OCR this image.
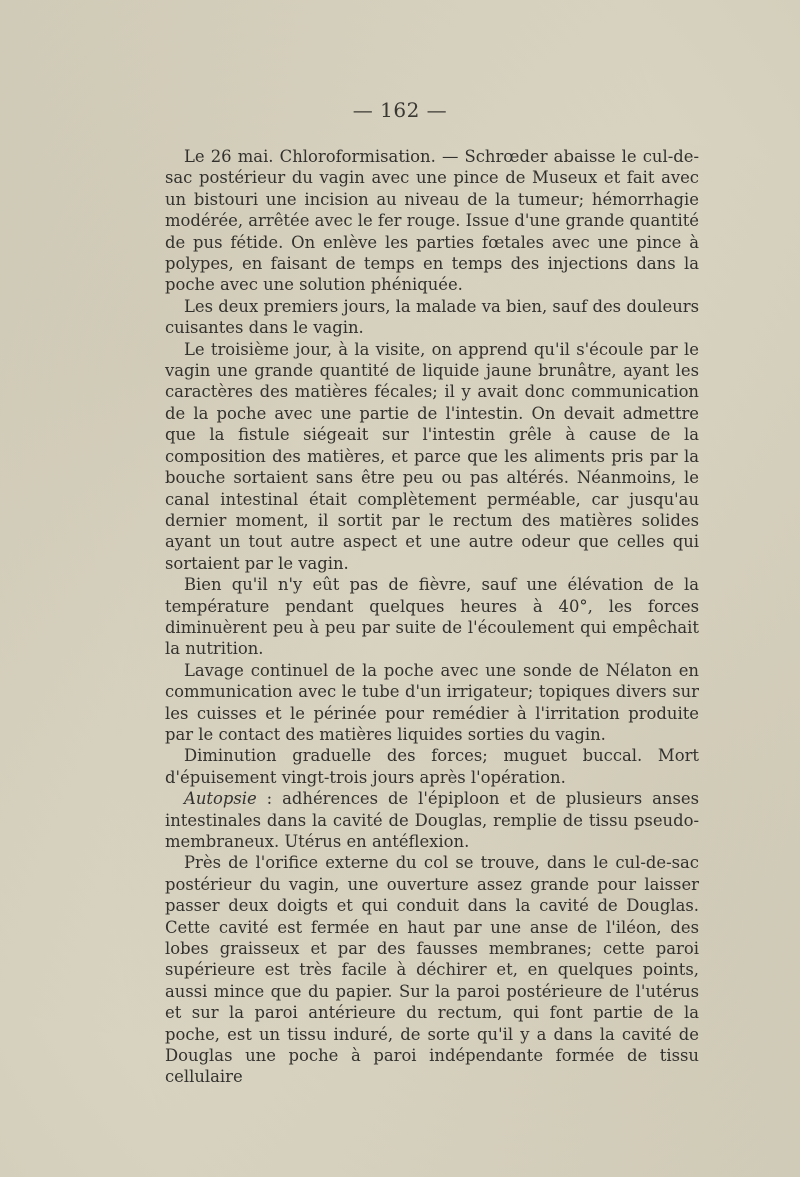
— 162 —

Le 26 mai. Chloroformisation. — Schrœder abaisse le cul-de-sac postérieur du vagin avec une pince de Museux et fait avec un bistouri une incision au niveau de la tumeur; hémorrhagie modérée, arrêtée avec le fer rouge. Issue d'une grande quantité de pus fétide. On enlève les parties fœtales avec une pince à polypes, en faisant de temps en temps des injections dans la poche avec une solution phéniquée.

Les deux premiers jours, la malade va bien, sauf des douleurs cuisantes dans le vagin.

Le troisième jour, à la visite, on apprend qu'il s'écoule par le vagin une grande quantité de liquide jaune brunâtre, ayant les caractères des matières fécales; il y avait donc communication de la poche avec une partie de l'intestin. On devait admettre que la fistule siégeait sur l'intestin grêle à cause de la composition des matières, et parce que les aliments pris par la bouche sortaient sans être peu ou pas altérés. Néanmoins, le canal intestinal était complètement perméable, car jusqu'au dernier moment, il sortit par le rectum des matières solides ayant un tout autre aspect et une autre odeur que celles qui sortaient par le vagin.

Bien qu'il n'y eût pas de fièvre, sauf une élévation de la température pendant quelques heures à 40°, les forces diminuèrent peu à peu par suite de l'écoulement qui empêchait la nutrition.

Lavage continuel de la poche avec une sonde de Nélaton en communication avec le tube d'un irrigateur; topiques divers sur les cuisses et le périnée pour remédier à l'irritation produite par le contact des matières liquides sorties du vagin.

Diminution graduelle des forces; muguet buccal. Mort d'épuisement vingt-trois jours après l'opération.

Autopsie : adhérences de l'épiploon et de plusieurs anses intestinales dans la cavité de Douglas, remplie de tissu pseudo-membraneux. Utérus en antéflexion.

Près de l'orifice externe du col se trouve, dans le cul-de-sac postérieur du vagin, une ouverture assez grande pour laisser passer deux doigts et qui conduit dans la cavité de Douglas. Cette cavité est fermée en haut par une anse de l'iléon, des lobes graisseux et par des fausses membranes; cette paroi supérieure est très facile à déchirer et, en quelques points, aussi mince que du papier. Sur la paroi postérieure de l'utérus et sur la paroi antérieure du rectum, qui font partie de la poche, est un tissu induré, de sorte qu'il y a dans la cavité de Douglas une poche à paroi indépendante formée de tissu cellulaire
